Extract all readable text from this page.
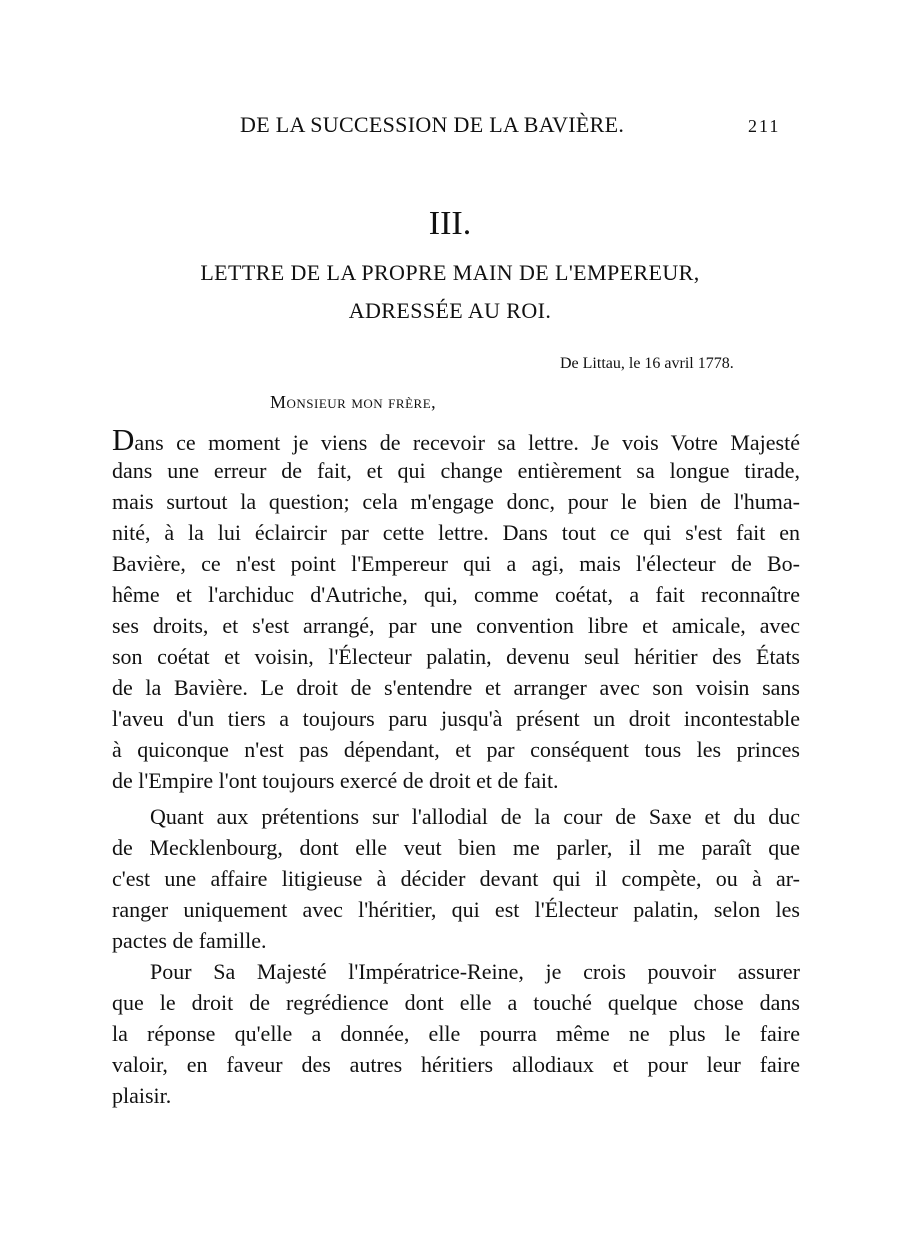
DE LA SUCCESSION DE LA BAVIÈRE.	211
III.
LETTRE DE LA PROPRE MAIN DE L'EMPEREUR,
ADRESSÉE AU ROI.
De Littau, le 16 avril 1778.
Monsieur mon frère,
Dans ce moment je viens de recevoir sa lettre. Je vois Votre Majesté
dans une erreur de fait, et qui change entièrement sa longue tirade,
mais surtout la question; cela m'engage donc, pour le bien de l'huma-
nité, à la lui éclaircir par cette lettre. Dans tout ce qui s'est fait en
Bavière, ce n'est point l'Empereur qui a agi, mais l'électeur de Bo-
hême et l'archiduc d'Autriche, qui, comme coétat, a fait reconnaître
ses droits, et s'est arrangé, par une convention libre et amicale, avec
son coétat et voisin, l'Électeur palatin, devenu seul héritier des États
de la Bavière. Le droit de s'entendre et arranger avec son voisin sans
l'aveu d'un tiers a toujours paru jusqu'à présent un droit incontestable
à quiconque n'est pas dépendant, et par conséquent tous les princes
de l'Empire l'ont toujours exercé de droit et de fait.
Quant aux prétentions sur l'allodial de la cour de Saxe et du duc
de Mecklenbourg, dont elle veut bien me parler, il me paraît que
c'est une affaire litigieuse à décider devant qui il compète, ou à ar-
ranger uniquement avec l'héritier, qui est l'Électeur palatin, selon les
pactes de famille.
Pour Sa Majesté l'Impératrice-Reine, je crois pouvoir assurer
que le droit de regrédience dont elle a touché quelque chose dans
la réponse qu'elle a donnée, elle pourra même ne plus le faire
valoir, en faveur des autres héritiers allodiaux et pour leur faire
plaisir.
